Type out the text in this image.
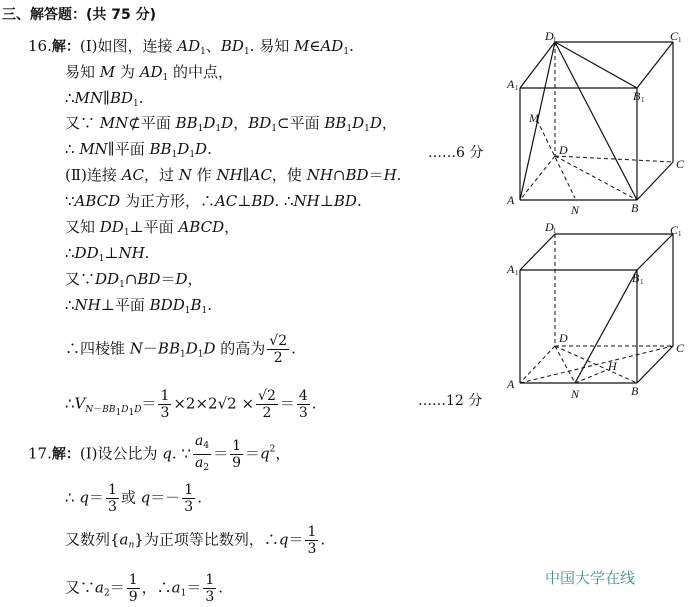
三、解答题：(共 75 分)
16.解：(Ⅰ)如图，连接 $AD_1$、$BD_1$. 易知 $M\in AD_1$.
易知 M 为 $AD_1$ 的中点，
$\therefore MN\parallel BD_1$.
又∵ MN⊄平面 $BB_1D_1D$，$BD_1\subset$平面 $BB_1D_1D$，
∴ MN∥平面 $BB_1D_1D$.	……6 分
(Ⅱ)连接 AC，过 N 作 NH∥AC，使 NH∩BD＝H.
∵ABCD 为正方形，∴AC⊥BD. ∴NH⊥BD.
又知 $DD_1\perp$平面 ABCD，
$\therefore DD_1\perp NH$.
又$\because DD_1\cap BD=D$，
∴NH⊥平面 $BDD_1B_1$.
∴四棱锥 $N-BB_1D_1D$ 的高为 $\frac{√2}{2}$ .
$\therefore V_{N-BB_1D_1D}= \frac{1}{3} \times 2\times 2√2 \times \frac{√2}{2} = \frac{4}{3}$ .	……12 分
17.解：(Ⅰ)设公比为 q. ∵ $\frac{a_4}{a_2} = \frac{1}{9} =q^2$，
∴ $q= \frac{1}{3}$ 或 $q=- \frac{1}{3}$ .
又数列$\{a_n\}$为正项等比数列，∴q＝ $\frac{1}{3}$ .
又$\because a_2= \frac{1}{9}$ ，$\therefore a_1= \frac{1}{3}$ .
中国大学在线
D 1	C 1
A 1
B 1
M
D
C
A
N	B
D 1	C 1
A 1	B 1
D
C
H
A
N	B
